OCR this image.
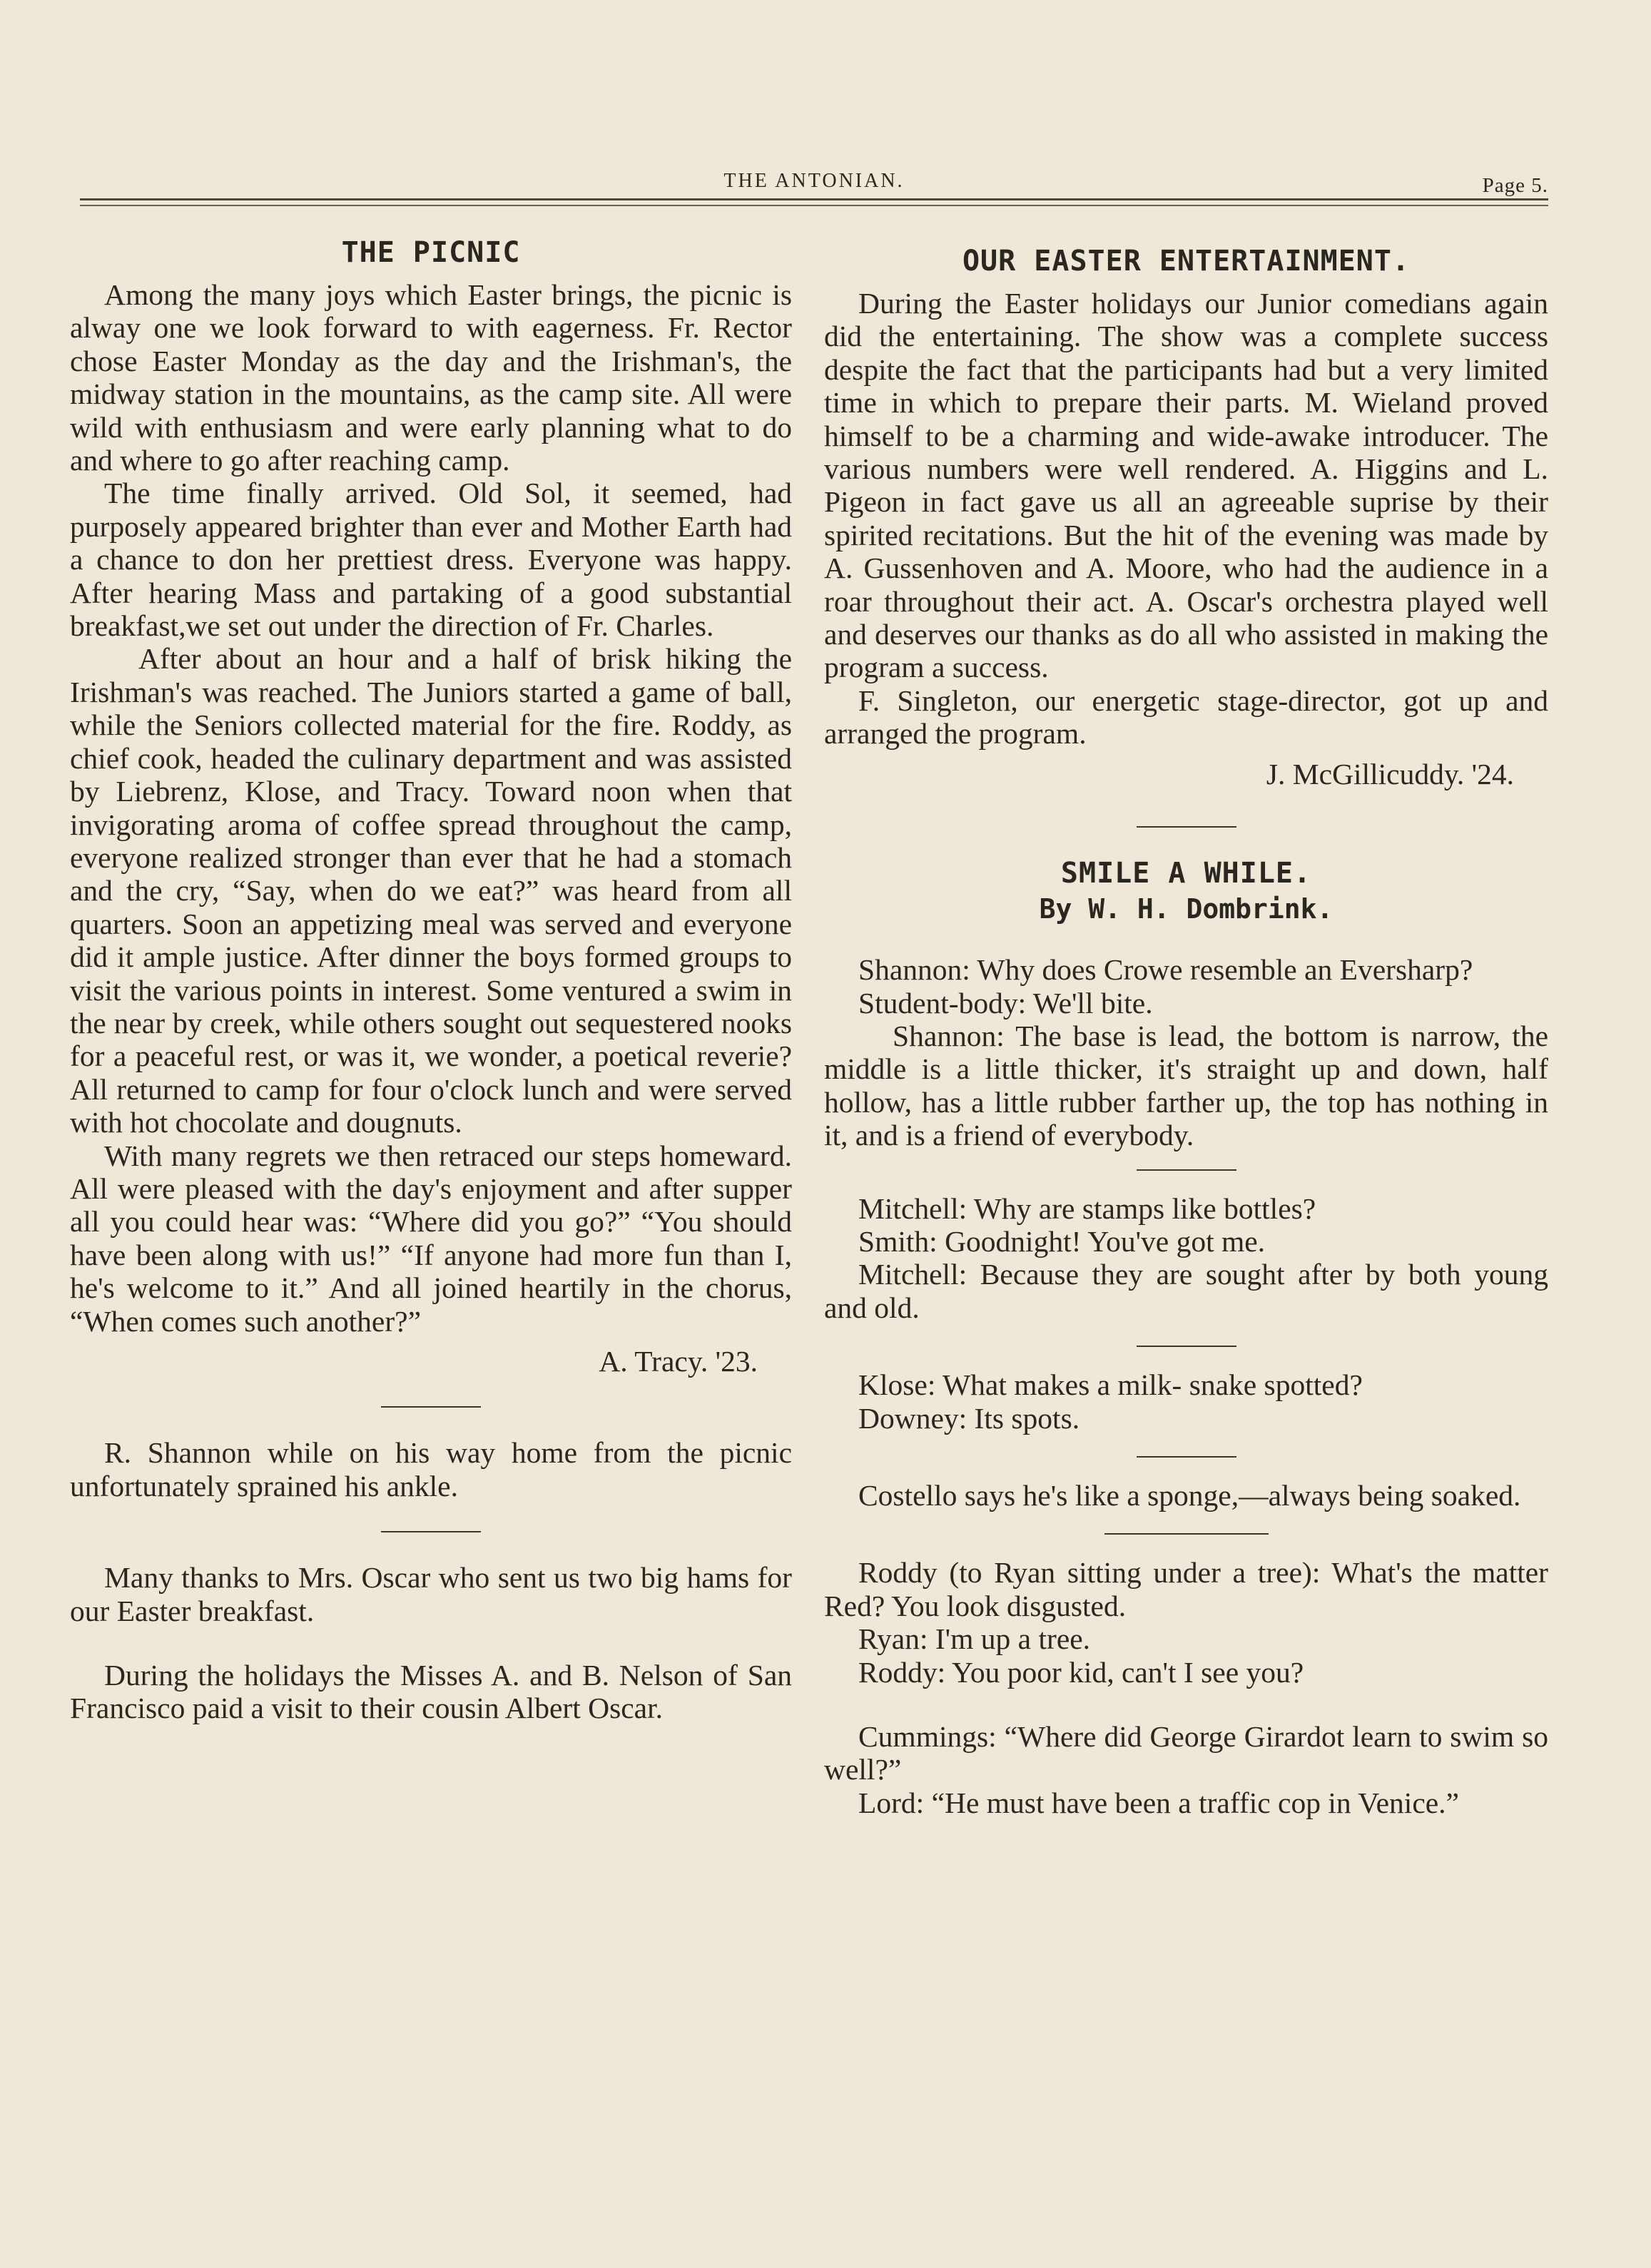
THE ANTONIAN.	Page 5.
THE PICNIC

Among the many joys which Easter brings, the picnic is alway one we look forward to with eagerness. Fr. Rector chose Easter Monday as the day and the Irishman's, the midway station in the mountains, as the camp site. All were wild with enthusiasm and were early planning what to do and where to go after reaching camp.

The time finally arrived. Old Sol, it seemed, had purposely appeared brighter than ever and Mother Earth had a chance to don her prettiest dress. Everyone was happy. After hearing Mass and partaking of a good substantial breakfast,we set out under the direction of Fr. Charles.

After about an hour and a half of brisk hiking the Irishman's was reached. The Juniors started a game of ball, while the Seniors collected material for the fire. Roddy, as chief cook, headed the culinary department and was assisted by Liebrenz, Klose, and Tracy. Toward noon when that invigorating aroma of coffee spread throughout the camp, everyone realized stronger than ever that he had a stomach and the cry, “Say, when do we eat?” was heard from all quarters. Soon an appetizing meal was served and everyone did it ample justice. After dinner the boys formed groups to visit the various points in interest. Some ventured a swim in the near by creek, while others sought out sequestered nooks for a peaceful rest, or was it, we wonder, a poetical reverie? All returned to camp for four o'clock lunch and were served with hot chocolate and dougnuts.

With many regrets we then retraced our steps homeward. All were pleased with the day's enjoyment and after supper all you could hear was: “Where did you go?” “You should have been along with us!” “If anyone had more fun than I, he's welcome to it.” And all joined heartily in the chorus, “When comes such another?”

A. Tracy. '23.

R. Shannon while on his way home from the picnic unfortunately sprained his ankle.

Many thanks to Mrs. Oscar who sent us two big hams for our Easter breakfast.

During the holidays the Misses A. and B. Nelson of San Francisco paid a visit to their cousin Albert Oscar.

OUR EASTER ENTERTAINMENT.

During the Easter holidays our Junior comedians again did the entertaining. The show was a complete success despite the fact that the participants had but a very limited time in which to prepare their parts. M. Wieland proved himself to be a charming and wide-awake introducer. The various numbers were well rendered. A. Higgins and L. Pigeon in fact gave us all an agreeable suprise by their spirited recitations. But the hit of the evening was made by A. Gussenhoven and A. Moore, who had the audience in a roar throughout their act. A. Oscar's orchestra played well and deserves our thanks as do all who assisted in making the program a success.

F. Singleton, our energetic stage-director, got up and arranged the program.

J. McGillicuddy. '24.
SMILE A WHILE.
By W. H. Dombrink.

Shannon: Why does Crowe resemble an Eversharp?

Student-body: We'll bite.

Shannon: The base is lead, the bottom is narrow, the middle is a little thicker, it's straight up and down, half hollow, has a little rubber farther up, the top has nothing in it, and is a friend of everybody.

Mitchell: Why are stamps like bottles?

Smith: Goodnight! You've got me.

Mitchell: Because they are sought after by both young and old.

Klose: What makes a milk- snake spotted?

Downey: Its spots.

Costello says he's like a sponge,—always being soaked.

Roddy (to Ryan sitting under a tree): What's the matter Red? You look disgusted.

Ryan: I'm up a tree.

Roddy: You poor kid, can't I see you?

Cummings: “Where did George Girardot learn to swim so well?”

Lord: “He must have been a traffic cop in Venice.”
